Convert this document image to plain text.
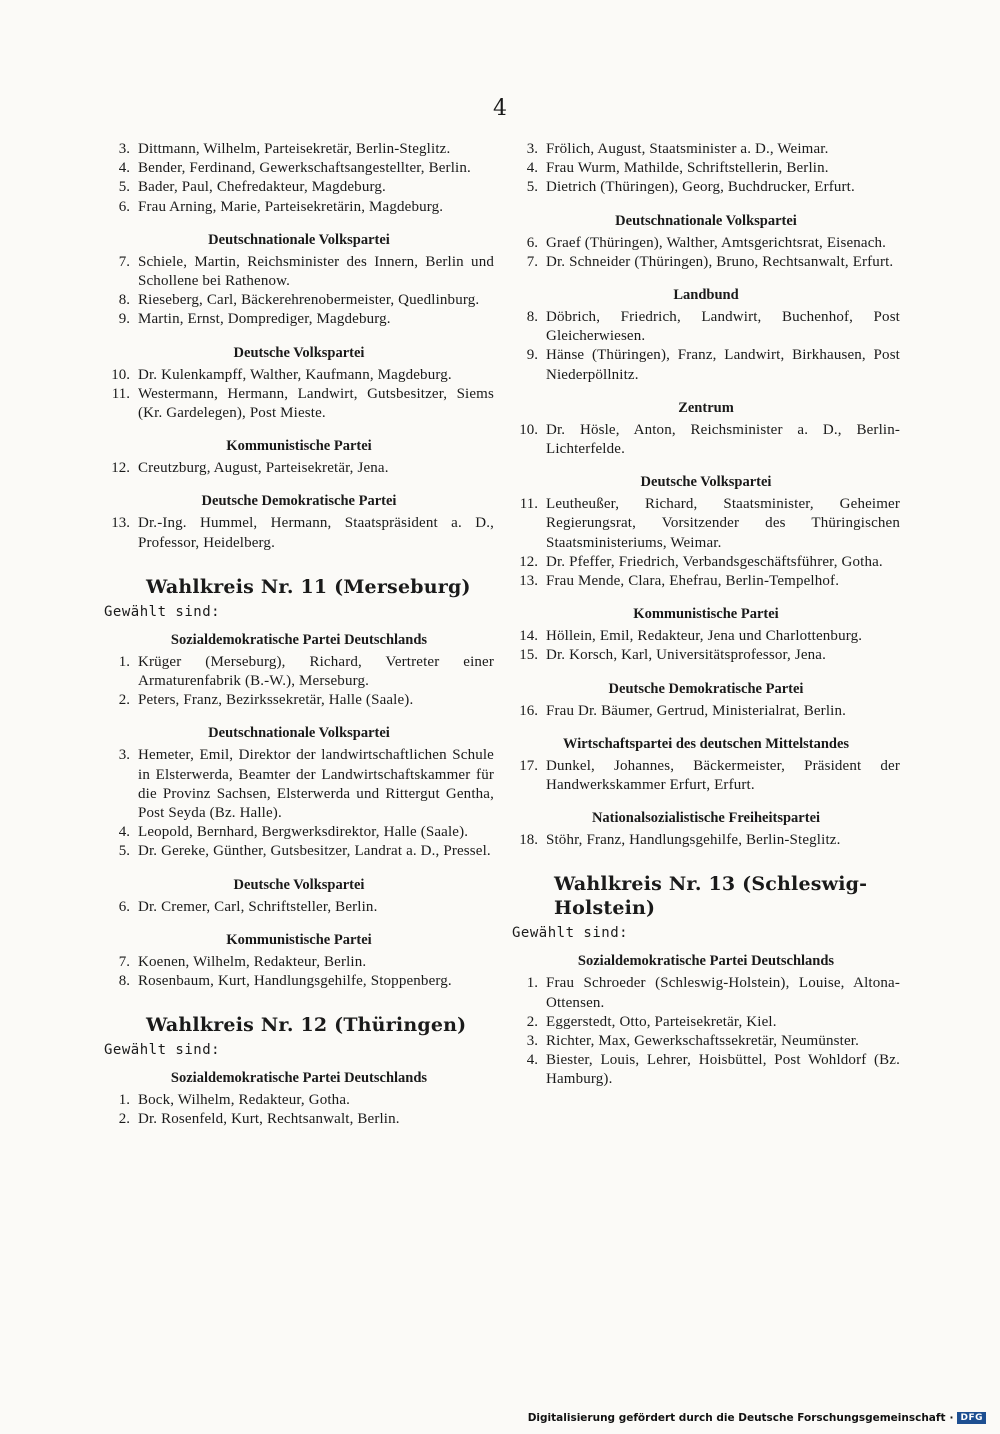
4
3. Dittmann, Wilhelm, Parteisekretär, Berlin-Steglitz.
4. Bender, Ferdinand, Gewerkschaftsangestellter, Berlin.
5. Bader, Paul, Chefredakteur, Magdeburg.
6. Frau Arning, Marie, Parteisekretärin, Magdeburg.
Deutschnationale Volkspartei
7. Schiele, Martin, Reichsminister des Innern, Berlin und Schollene bei Rathenow.
8. Rieseberg, Carl, Bäckerehrenobermeister, Quedlinburg.
9. Martin, Ernst, Domprediger, Magdeburg.
Deutsche Volkspartei
10. Dr. Kulenkampff, Walther, Kaufmann, Magdeburg.
11. Westermann, Hermann, Landwirt, Gutsbesitzer, Siems (Kr. Gardelegen), Post Mieste.
Kommunistische Partei
12. Creutzburg, August, Parteisekretär, Jena.
Deutsche Demokratische Partei
13. Dr.-Ing. Hummel, Hermann, Staatspräsident a. D., Professor, Heidelberg.
Wahlkreis Nr. 11 (Merseburg)
Gewählt sind:
Sozialdemokratische Partei Deutschlands
1. Krüger (Merseburg), Richard, Vertreter einer Armaturenfabrik (B.-W.), Merseburg.
2. Peters, Franz, Bezirkssekretär, Halle (Saale).
Deutschnationale Volkspartei
3. Hemeter, Emil, Direktor der landwirtschaftlichen Schule in Elsterwerda, Beamter der Landwirtschaftskammer für die Provinz Sachsen, Elsterwerda und Rittergut Gentha, Post Seyda (Bz. Halle).
4. Leopold, Bernhard, Bergwerksdirektor, Halle (Saale).
5. Dr. Gereke, Günther, Gutsbesitzer, Landrat a. D., Pressel.
Deutsche Volkspartei
6. Dr. Cremer, Carl, Schriftsteller, Berlin.
Kommunistische Partei
7. Koenen, Wilhelm, Redakteur, Berlin.
8. Rosenbaum, Kurt, Handlungsgehilfe, Stoppenberg.
Wahlkreis Nr. 12 (Thüringen)
Gewählt sind:
Sozialdemokratische Partei Deutschlands
1. Bock, Wilhelm, Redakteur, Gotha.
2. Dr. Rosenfeld, Kurt, Rechtsanwalt, Berlin.
3. Frölich, August, Staatsminister a. D., Weimar.
4. Frau Wurm, Mathilde, Schriftstellerin, Berlin.
5. Dietrich (Thüringen), Georg, Buchdrucker, Erfurt.
Deutschnationale Volkspartei
6. Graef (Thüringen), Walther, Amtsgerichtsrat, Eisenach.
7. Dr. Schneider (Thüringen), Bruno, Rechtsanwalt, Erfurt.
Landbund
8. Döbrich, Friedrich, Landwirt, Buchenhof, Post Gleicherwiesen.
9. Hänse (Thüringen), Franz, Landwirt, Birkhausen, Post Niederpöllnitz.
Zentrum
10. Dr. Hösle, Anton, Reichsminister a. D., Berlin-Lichterfelde.
Deutsche Volkspartei
11. Leutheußer, Richard, Staatsminister, Geheimer Regierungsrat, Vorsitzender des Thüringischen Staatsministeriums, Weimar.
12. Dr. Pfeffer, Friedrich, Verbandsgeschäftsführer, Gotha.
13. Frau Mende, Clara, Ehefrau, Berlin-Tempelhof.
Kommunistische Partei
14. Höllein, Emil, Redakteur, Jena und Charlottenburg.
15. Dr. Korsch, Karl, Universitätsprofessor, Jena.
Deutsche Demokratische Partei
16. Frau Dr. Bäumer, Gertrud, Ministerialrat, Berlin.
Wirtschaftspartei des deutschen Mittelstandes
17. Dunkel, Johannes, Bäckermeister, Präsident der Handwerkskammer Erfurt, Erfurt.
Nationalsozialistische Freiheitspartei
18. Stöhr, Franz, Handlungsgehilfe, Berlin-Steglitz.
Wahlkreis Nr. 13 (Schleswig-Holstein)
Gewählt sind:
Sozialdemokratische Partei Deutschlands
1. Frau Schroeder (Schleswig-Holstein), Louise, Altona-Ottensen.
2. Eggerstedt, Otto, Parteisekretär, Kiel.
3. Richter, Max, Gewerkschaftssekretär, Neumünster.
4. Biester, Louis, Lehrer, Hoisbüttel, Post Wohldorf (Bz. Hamburg).
Digitalisierung gefördert durch die Deutsche Forschungsgemeinschaft · DFG
